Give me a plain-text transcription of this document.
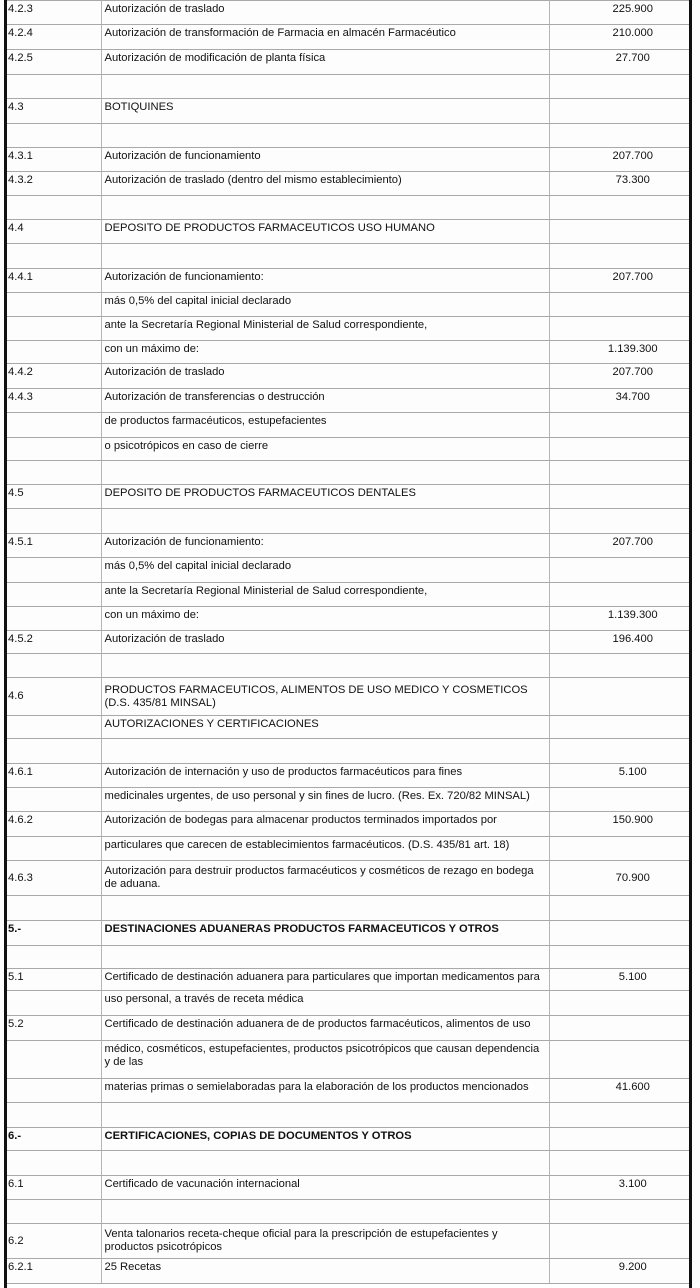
4.2.3	Autorización de traslado	225.900
4.2.4	Autorización de transformación de Farmacia en almacén Farmacéutico	210.000
4.2.5	Autorización de modificación de planta física	27.700

4.3	BOTIQUINES	

4.3.1	Autorización de funcionamiento	207.700
4.3.2	Autorización de traslado (dentro del mismo establecimiento)	73.300

4.4	DEPOSITO DE PRODUCTOS FARMACEUTICOS USO HUMANO	

4.4.1	Autorización de funcionamiento:	207.700
	más 0,5% del capital inicial declarado	
	ante la Secretaría Regional Ministerial de Salud correspondiente,	
	con un máximo de:	1.139.300
4.4.2	Autorización de traslado	207.700
4.4.3	Autorización de transferencias o destrucción	34.700
	de productos farmacéuticos, estupefacientes	
	o psicotrópicos en caso de cierre	

4.5	DEPOSITO DE PRODUCTOS FARMACEUTICOS DENTALES	

4.5.1	Autorización de funcionamiento:	207.700
	más 0,5% del capital inicial declarado	
	ante la Secretaría Regional Ministerial de Salud correspondiente,	
	con un máximo de:	1.139.300
4.5.2	Autorización de traslado	196.400

4.6	PRODUCTOS FARMACEUTICOS, ALIMENTOS DE USO MEDICO Y COSMETICOS (D.S. 435/81 MINSAL)	
	AUTORIZACIONES Y CERTIFICACIONES	

4.6.1	Autorización de internación y uso de productos farmacéuticos para fines	5.100
	medicinales urgentes, de uso personal y sin fines de lucro. (Res. Ex. 720/82 MINSAL)	
4.6.2	Autorización de bodegas para almacenar productos terminados importados por	150.900
	particulares que carecen de establecimientos farmacéuticos. (D.S. 435/81 art. 18)	
4.6.3	Autorización para destruir productos farmacéuticos y cosméticos de rezago en bodega de aduana.	70.900

5.-	DESTINACIONES ADUANERAS PRODUCTOS FARMACEUTICOS Y OTROS	

5.1	Certificado de destinación aduanera para particulares que importan medicamentos para	5.100
	uso personal, a través de receta médica	
5.2	Certificado de destinación aduanera de de productos farmacéuticos, alimentos de uso	
	médico, cosméticos, estupefacientes, productos psicotrópicos que causan dependencia y de las	
	materias primas o semielaboradas para la elaboración de los productos mencionados	41.600

6.-	CERTIFICACIONES, COPIAS DE DOCUMENTOS Y OTROS	

6.1	Certificado de vacunación internacional	3.100

6.2	Venta talonarios receta-cheque oficial para la prescripción de estupefacientes y productos psicotrópicos	
6.2.1	25 Recetas	9.200
